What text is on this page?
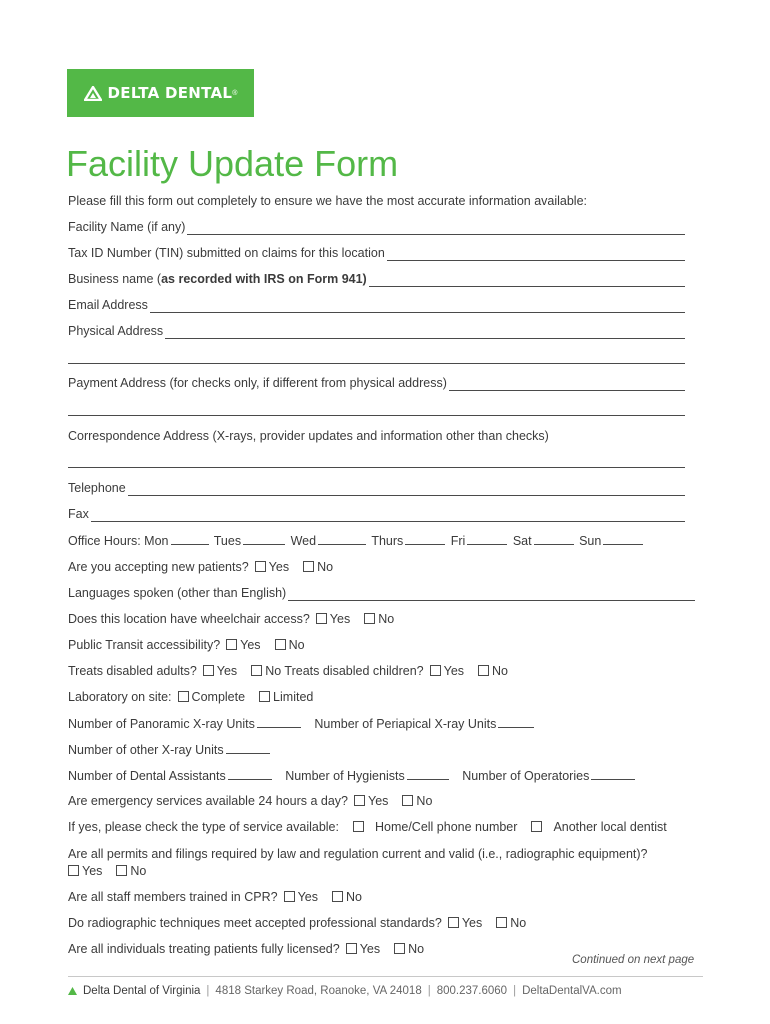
DELTA DENTAL ®
Facility Update Form
Please fill this form out completely to ensure we have the most accurate information available:
Facility Name (if any)
Tax ID Number (TIN) submitted on claims for this location
Business name ( as recorded with IRS on Form 941)
Email Address
Physical Address
Payment Address (for checks only, if different from physical address)
Correspondence Address (X-rays, provider updates and information other than checks)
Telephone
Fax
Office Hours: Mon	Tues	Wed	Thurs	Fri	Sat	Sun
Are you accepting new patients? Yes No
Languages spoken (other than English)
Does this location have wheelchair access? Yes No
Public Transit accessibility? Yes No
Treats disabled adults? Yes No Treats disabled children? Yes No
Laboratory on site: Complete Limited
Number of Panoramic X-ray Units	Number of Periapical X-ray Units
Number of other X-ray Units
Number of Dental Assistants	Number of Hygienists	Number of Operatories
Are emergency services available 24 hours a day? Yes No
If yes, please check the type of service available:	Home/Cell phone number	Another local dentist
Are all permits and filings required by law and regulation current and valid (i.e., radiographic equipment)?
Yes No
Are all staff members trained in CPR? Yes No
Do radiographic techniques meet accepted professional standards? Yes No
Are all individuals treating patients fully licensed? Yes No
Continued on next page
Delta Dental of Virginia | 4818 Starkey Road, Roanoke, VA 24018 | 800.237.6060 | DeltaDentalVA.com
